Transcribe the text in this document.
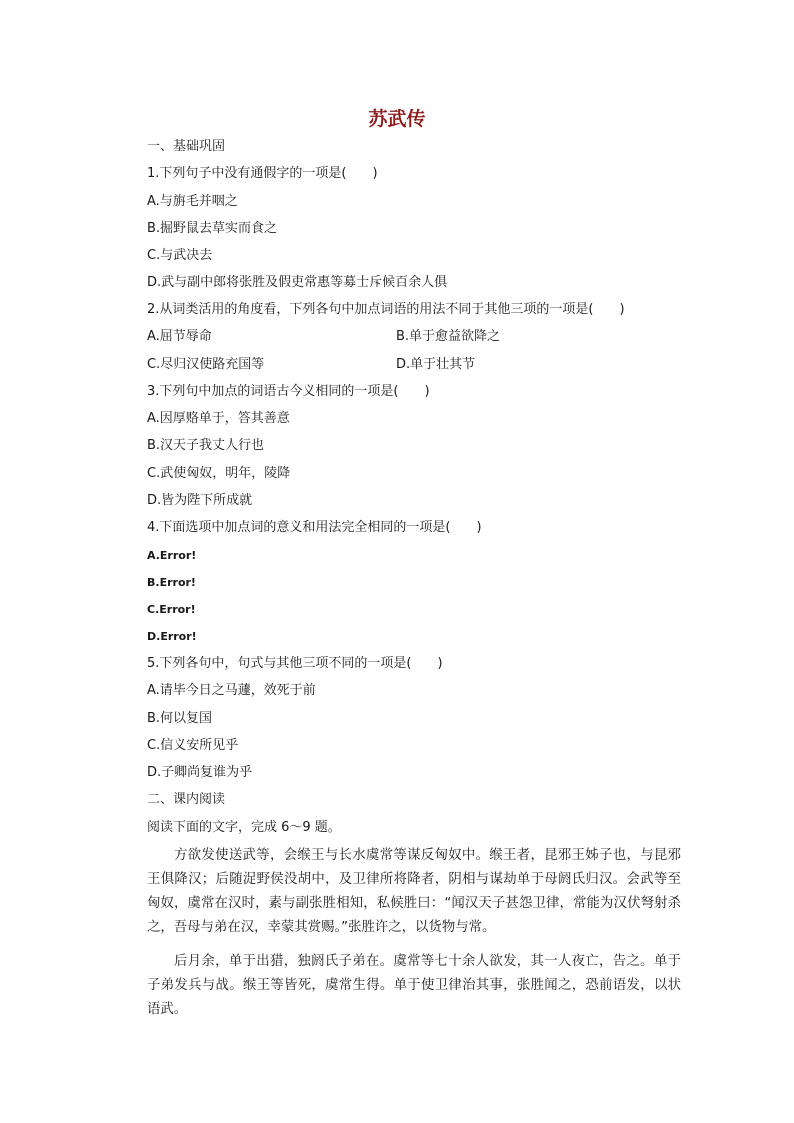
苏武传
一、基础巩固
1.下列句子中没有通假字的一项是(　　)
A.与旃毛并咽之
B.掘野鼠去草实而食之
C.与武决去
D.武与副中郎将张胜及假吏常惠等募士斥候百余人俱
2.从词类活用的角度看，下列各句中加点词语的用法不同于其他三项的一项是(　　)
A.屈节辱命	B.单于愈益欲降之
C.尽归汉使路充国等	D.单于壮其节
3.下列句中加点的词语古今义相同的一项是(　　)
A.因厚赂单于，答其善意
B.汉天子我丈人行也
C.武使匈奴，明年，陵降
D.皆为陛下所成就
4.下面选项中加点词的意义和用法完全相同的一项是(　　)
A.Error!
B.Error!
C.Error!
D.Error!
5.下列各句中，句式与其他三项不同的一项是(　　)
A.请毕今日之马蘧，效死于前
B.何以复国
C.信义安所见乎
D.子卿尚复谁为乎
二、课内阅读
阅读下面的文字，完成 6～9 题。
方欲发使送武等，会缑王与长水虞常等谋反匈奴中。缑王者，昆邪王姊子也，与昆邪王俱降汉；后随浞野侯没胡中，及卫律所将降者，阴相与谋劫单于母阏氏归汉。会武等至匈奴，虞常在汉时，素与副张胜相知，私候胜曰：“闻汉天子甚怨卫律，常能为汉伏弩射杀之，吾母与弟在汉，幸蒙其赏赐。”张胜许之，以货物与常。
后月余，单于出猎，独阏氏子弟在。虞常等七十余人欲发，其一人夜亡，告之。单于子弟发兵与战。缑王等皆死，虞常生得。单于使卫律治其事，张胜闻之，恐前语发，以状语武。
